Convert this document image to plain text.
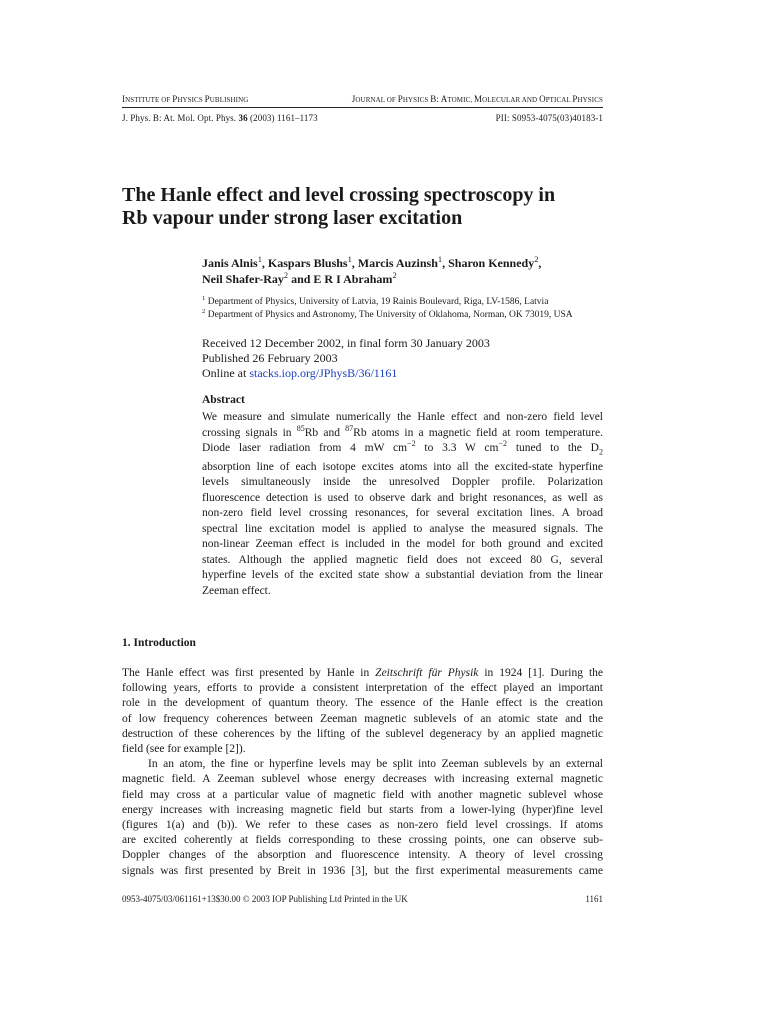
INSTITUTE OF PHYSICS PUBLISHING	JOURNAL OF PHYSICS B: ATOMIC, MOLECULAR AND OPTICAL PHYSICS
J. Phys. B: At. Mol. Opt. Phys. 36 (2003) 1161–1173	PII: S0953-4075(03)40183-1
The Hanle effect and level crossing spectroscopy in
Rb vapour under strong laser excitation
Janis Alnis$^1$, Kaspars Blushs$^1$, Marcis Auzinsh$^1$, Sharon Kennedy$^2$,
Neil Shafer-Ray$^2$ and E R I Abraham$^2$
$^1$ Department of Physics, University of Latvia, 19 Rainis Boulevard, Riga, LV-1586, Latvia
$^2$ Department of Physics and Astronomy, The University of Oklahoma, Norman, OK 73019, USA
Received 12 December 2002, in final form 30 January 2003
Published 26 February 2003
Online at stacks.iop.org/JPhysB/36/1161
Abstract
We measure and simulate numerically the Hanle effect and non-zero field level
crossing signals in $^{85}$Rb and $^{87}$Rb atoms in a magnetic field at room temperature.
Diode laser radiation from 4 mW $cm^{-2}$ to 3.3 W $cm^{-2}$ tuned to the $D_2$
absorption line of each isotope excites atoms into all the excited-state hyperfine
levels simultaneously inside the unresolved Doppler profile. Polarization
fluorescence detection is used to observe dark and bright resonances, as well as
non-zero field level crossing resonances, for several excitation lines. A broad
spectral line excitation model is applied to analyse the measured signals. The
non-linear Zeeman effect is included in the model for both ground and excited
states. Although the applied magnetic field does not exceed 80 G, several
hyperfine levels of the excited state show a substantial deviation from the linear
Zeeman effect.
1. Introduction
The Hanle effect was first presented by Hanle in Zeitschrift für Physik in 1924 [1]. During the
following years, efforts to provide a consistent interpretation of the effect played an important
role in the development of quantum theory. The essence of the Hanle effect is the creation
of low frequency coherences between Zeeman magnetic sublevels of an atomic state and the
destruction of these coherences by the lifting of the sublevel degeneracy by an applied magnetic
field (see for example [2]).
In an atom, the fine or hyperfine levels may be split into Zeeman sublevels by an external
magnetic field. A Zeeman sublevel whose energy decreases with increasing external magnetic
field may cross at a particular value of magnetic field with another magnetic sublevel whose
energy increases with increasing magnetic field but starts from a lower-lying (hyper)fine level
(figures 1(a) and (b)). We refer to these cases as non-zero field level crossings. If atoms
are excited coherently at fields corresponding to these crossing points, one can observe sub-
Doppler changes of the absorption and fluorescence intensity. A theory of level crossing
signals was first presented by Breit in 1936 [3], but the first experimental measurements came
0953-4075/03/061161+13$30.00 © 2003 IOP Publishing Ltd Printed in the UK	1161
